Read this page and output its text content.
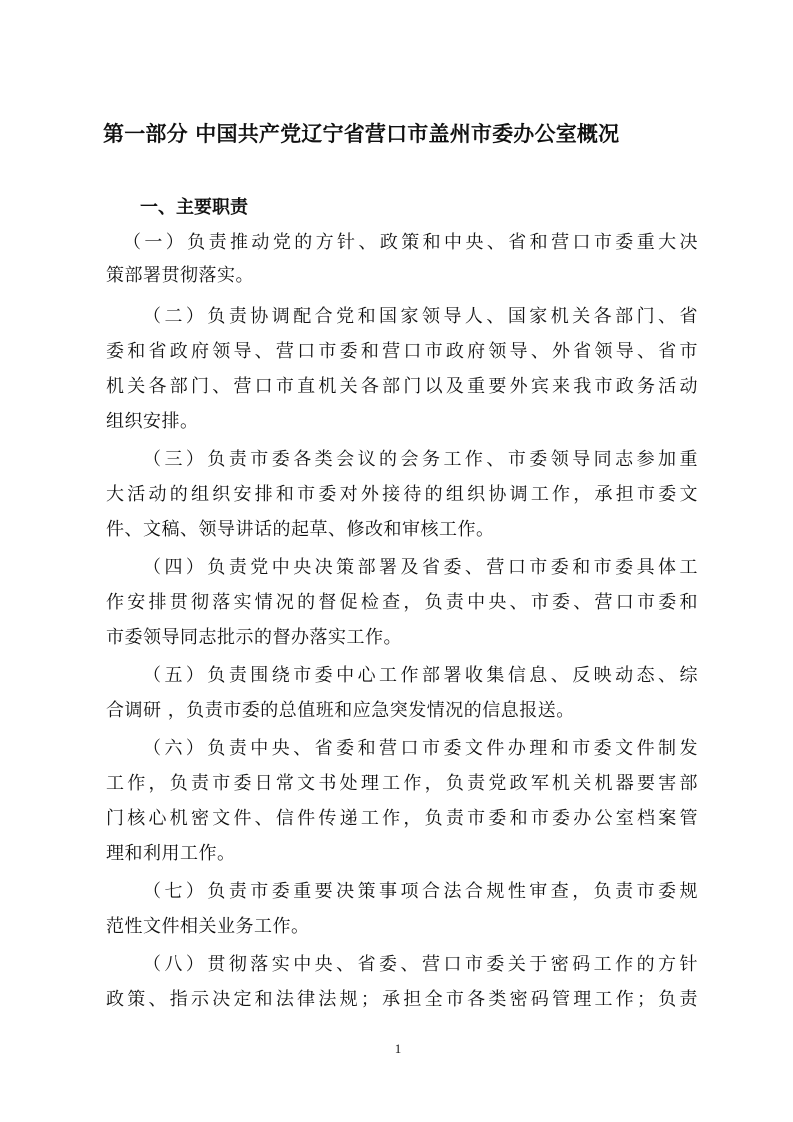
第一部分 中国共产党辽宁省营口市盖州市委办公室概况
一、主要职责
（一）负责推动党的方针、政策和中央、省和营口市委重大决
策部署贯彻落实。
（二）负责协调配合党和国家领导人、国家机关各部门、省
委和省政府领导、营口市委和营口市政府领导、外省领导、省市
机关各部门、营口市直机关各部门以及重要外宾来我市政务活动
组织安排。
（三）负责市委各类会议的会务工作、市委领导同志参加重
大活动的组织安排和市委对外接待的组织协调工作，承担市委文
件、文稿、领导讲话的起草、修改和审核工作。
（四）负责党中央决策部署及省委、营口市委和市委具体工
作安排贯彻落实情况的督促检查，负责中央、市委、营口市委和
市委领导同志批示的督办落实工作。
（五）负责围绕市委中心工作部署收集信息、反映动态、综
合调研 ，负责市委的总值班和应急突发情况的信息报送。
（六）负责中央、省委和营口市委文件办理和市委文件制发
工作，负责市委日常文书处理工作，负责党政军机关机器要害部
门核心机密文件、信件传递工作，负责市委和市委办公室档案管
理和利用工作。
（七）负责市委重要决策事项合法合规性审查，负责市委规
范性文件相关业务工作。
（八）贯彻落实中央、省委、营口市委关于密码工作的方针
政策、指示决定和法律法规；承担全市各类密码管理工作；负责
1
